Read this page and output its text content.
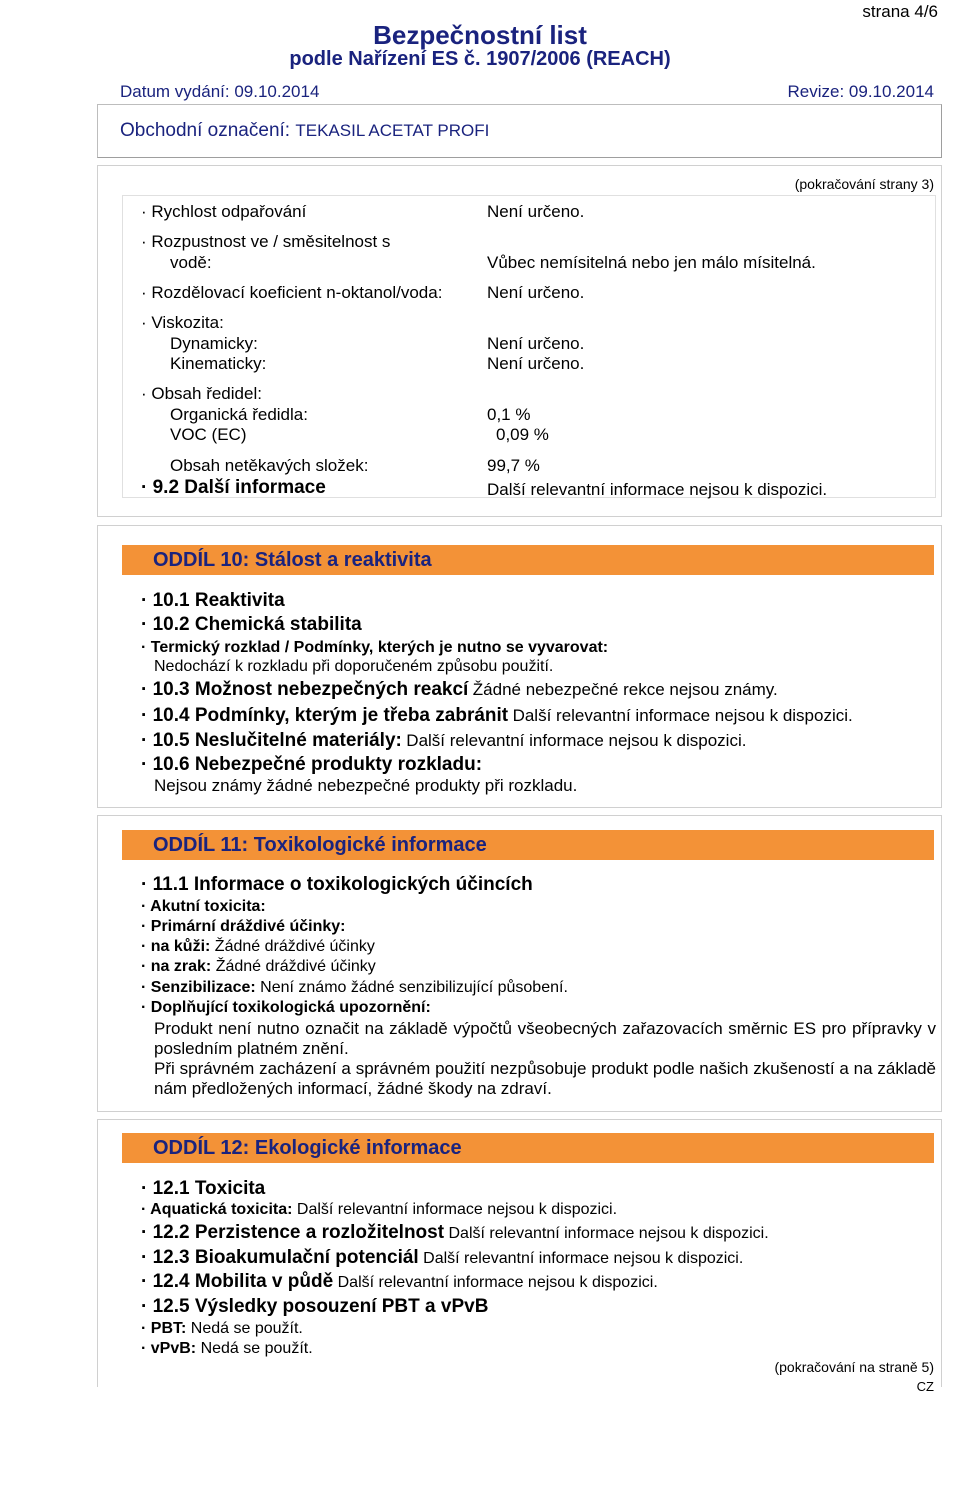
strana 4/6
Bezpečnostní list
podle Nařízení ES č. 1907/2006 (REACH)
Datum vydání: 09.10.2014	Revize: 09.10.2014
Obchodní označení: TEKASIL ACETAT PROFI
(pokračování strany 3)
· Rychlost odpařování	Není určeno.
· Rozpustnost ve / směsitelnost s
vodě:	Vůbec nemísitelná nebo jen málo mísitelná.
· Rozdělovací koeficient n-oktanol/voda:	Není určeno.
· Viskozita:
Dynamicky:	Není určeno.
Kinematicky:	Není určeno.
· Obsah ředidel:
Organická ředidla:	0,1 %
VOC (EC)	0,09 %
Obsah netěkavých složek:	99,7 %
· 9.2 Další informace	Další relevantní informace nejsou k dispozici.
ODDÍL 10: Stálost a reaktivita
· 10.1 Reaktivita
· 10.2 Chemická stabilita
· Termický rozklad / Podmínky, kterých je nutno se vyvarovat:
Nedochází k rozkladu při doporučeném způsobu použití.
· 10.3 Možnost nebezpečných reakcí Žádné nebezpečné rekce nejsou známy.
· 10.4 Podmínky, kterým je třeba zabránit Další relevantní informace nejsou k dispozici.
· 10.5 Neslučitelné materiály: Další relevantní informace nejsou k dispozici.
· 10.6 Nebezpečné produkty rozkladu:
Nejsou známy žádné nebezpečné produkty při rozkladu.
ODDÍL 11: Toxikologické informace
· 11.1 Informace o toxikologických účincích
· Akutní toxicita:
· Primární dráždivé účinky:
· na kůži: Žádné dráždivé účinky
· na zrak: Žádné dráždivé účinky
· Senzibilizace: Není známo žádné senzibilizující působení.
· Doplňující toxikologická upozornění:

Produkt není nutno označit na základě výpočtů všeobecných zařazovacích směrnic ES pro přípravky v posledním platném znění.

Při správném zacházení a správném použití nezpůsobuje produkt podle našich zkušeností a na základě nám předložených informací, žádné škody na zdraví.

ODDÍL 12: Ekologické informace
· 12.1 Toxicita
· Aquatická toxicita: Další relevantní informace nejsou k dispozici.
· 12.2 Perzistence a rozložitelnost Další relevantní informace nejsou k dispozici.
· 12.3 Bioakumulační potenciál Další relevantní informace nejsou k dispozici.
· 12.4 Mobilita v půdě Další relevantní informace nejsou k dispozici.
· 12.5 Výsledky posouzení PBT a vPvB
· PBT: Nedá se použít.
· vPvB: Nedá se použít.
(pokračování na straně 5)
CZ
